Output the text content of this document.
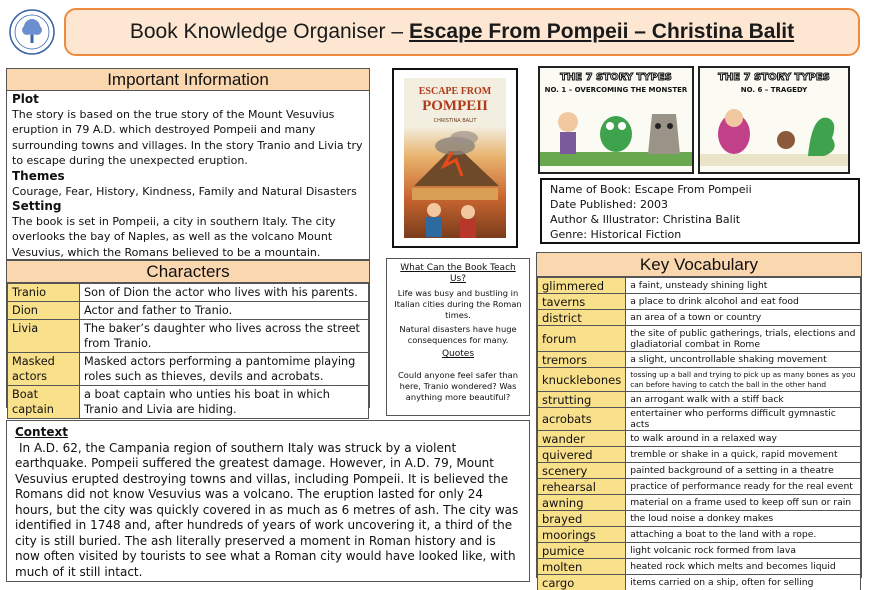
Book Knowledge Organiser – Escape From Pompeii – Christina Balit
Important Information
Plot
The story is based on the true story of the Mount Vesuvius eruption in 79 A.D. which destroyed Pompeii and many surrounding towns and villages. In the story Tranio and Livia try to escape during the unexpected eruption.
Themes
Courage, Fear, History, Kindness, Family and Natural Disasters
Setting
The book is set in Pompeii, a city in southern Italy. The city overlooks the bay of Naples, as well as the volcano Mount Vesuvius, which the Romans believed to be a mountain.
Characters
Tranio	Son of Dion the actor who lives with his parents.
Dion	Actor and father to Tranio.
Livia	The baker’s daughter who lives across the street from Tranio.
Masked actors	Masked actors performing a pantomime playing roles such as thieves, devils and acrobats.
Boat captain	a boat captain who unties his boat in which Tranio and Livia are hiding.
ESCAPE FROM
POMPEII
CHRISTINA BALIT

What Can the Book Teach Us?

Life was busy and bustling in Italian cities during the Roman times.

Natural disasters have huge consequences for many.

Quotes

Could anyone feel safer than here, Tranio wondered? Was anything more beautiful?

THE 7 STORY TYPES
NO. 1 – OVERCOMING THE MONSTER
THE 7 STORY TYPES
NO. 6 – TRAGEDY
Name of Book: Escape From Pompeii
Date Published: 2003
Author & Illustrator: Christina Balit
Genre: Historical Fiction
Key Vocabulary
glimmered	a faint, unsteady shining light
taverns	a place to drink alcohol and eat food
district	an area of a town or country
forum	the site of public gatherings, trials, elections and gladiatorial combat in Rome
tremors	a slight, uncontrollable shaking movement
knucklebones	tossing up a ball and trying to pick up as many bones as you can before having to catch the ball in the other hand
strutting	an arrogant walk with a stiff back
acrobats	entertainer who performs difficult gymnastic acts
wander	to walk around in a relaxed way
quivered	tremble or shake in a quick, rapid movement
scenery	painted background of a setting in a theatre
rehearsal	practice of performance ready for the real event
awning	material on a frame used to keep off sun or rain
brayed	the loud noise a donkey makes
moorings	attaching a boat to the land with a rope.
pumice	light volcanic rock formed from lava
molten	heated rock which melts and becomes liquid
cargo	items carried on a ship, often for selling
Context
In A.D. 62, the Campania region of southern Italy was struck by a violent earthquake. Pompeii suffered the greatest damage. However, in A.D. 79, Mount Vesuvius erupted destroying towns and villas, including Pompeii. It is believed the Romans did not know Vesuvius was a volcano. The eruption lasted for only 24 hours, but the city was quickly covered in as much as 6 metres of ash. The city was identified in 1748 and, after hundreds of years of work uncovering it, a third of the city is still buried. The ash literally preserved a moment in Roman history and is now often visited by tourists to see what a Roman city would have looked like, with much of it still intact.
